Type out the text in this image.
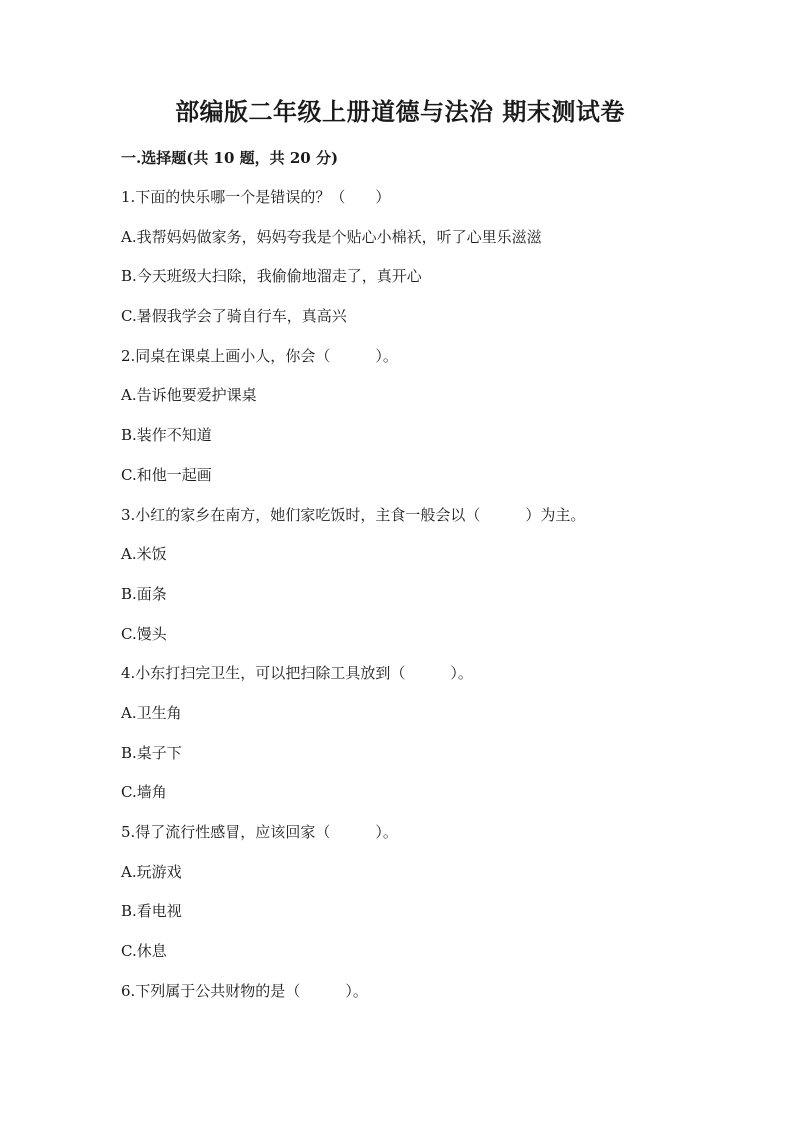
部编版二年级上册道德与法治 期末测试卷
一.选择题(共 10 题，共 20 分)
1.下面的快乐哪一个是错误的？（　　）
A.我帮妈妈做家务，妈妈夸我是个贴心小棉袄，听了心里乐滋滋
B.今天班级大扫除，我偷偷地溜走了，真开心
C.暑假我学会了骑自行车，真高兴
2.同桌在课桌上画小人，你会（　　　）。
A.告诉他要爱护课桌
B.装作不知道
C.和他一起画
3.小红的家乡在南方，她们家吃饭时，主食一般会以（　　　）为主。
A.米饭
B.面条
C.馒头
4.小东打扫完卫生，可以把扫除工具放到（　　　）。
A.卫生角
B.桌子下
C.墙角
5.得了流行性感冒，应该回家（　　　）。
A.玩游戏
B.看电视
C.休息
6.下列属于公共财物的是（　　　）。
